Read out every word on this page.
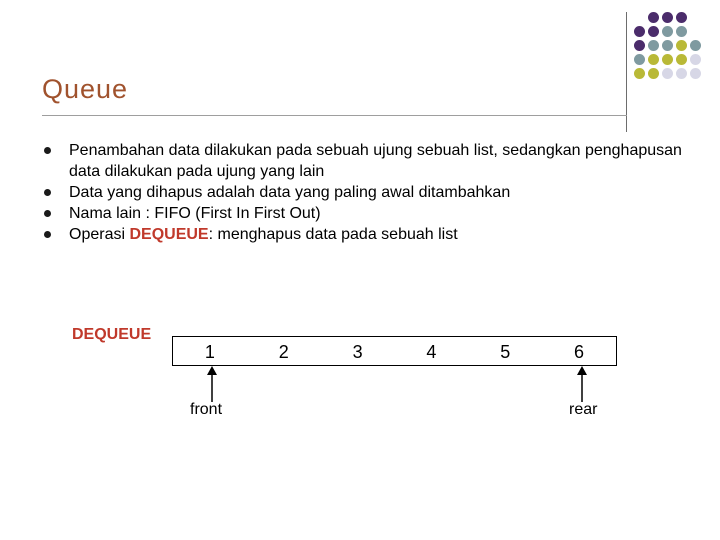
Queue
Penambahan data dilakukan pada sebuah ujung sebuah list, sedangkan penghapusan data dilakukan pada ujung yang lain
Data yang dihapus adalah data yang paling awal ditambahkan
Nama lain : FIFO (First In First Out)
Operasi DEQUEUE: menghapus data pada sebuah list
DEQUEUE
1	2	3	4	5	6
front	rear
